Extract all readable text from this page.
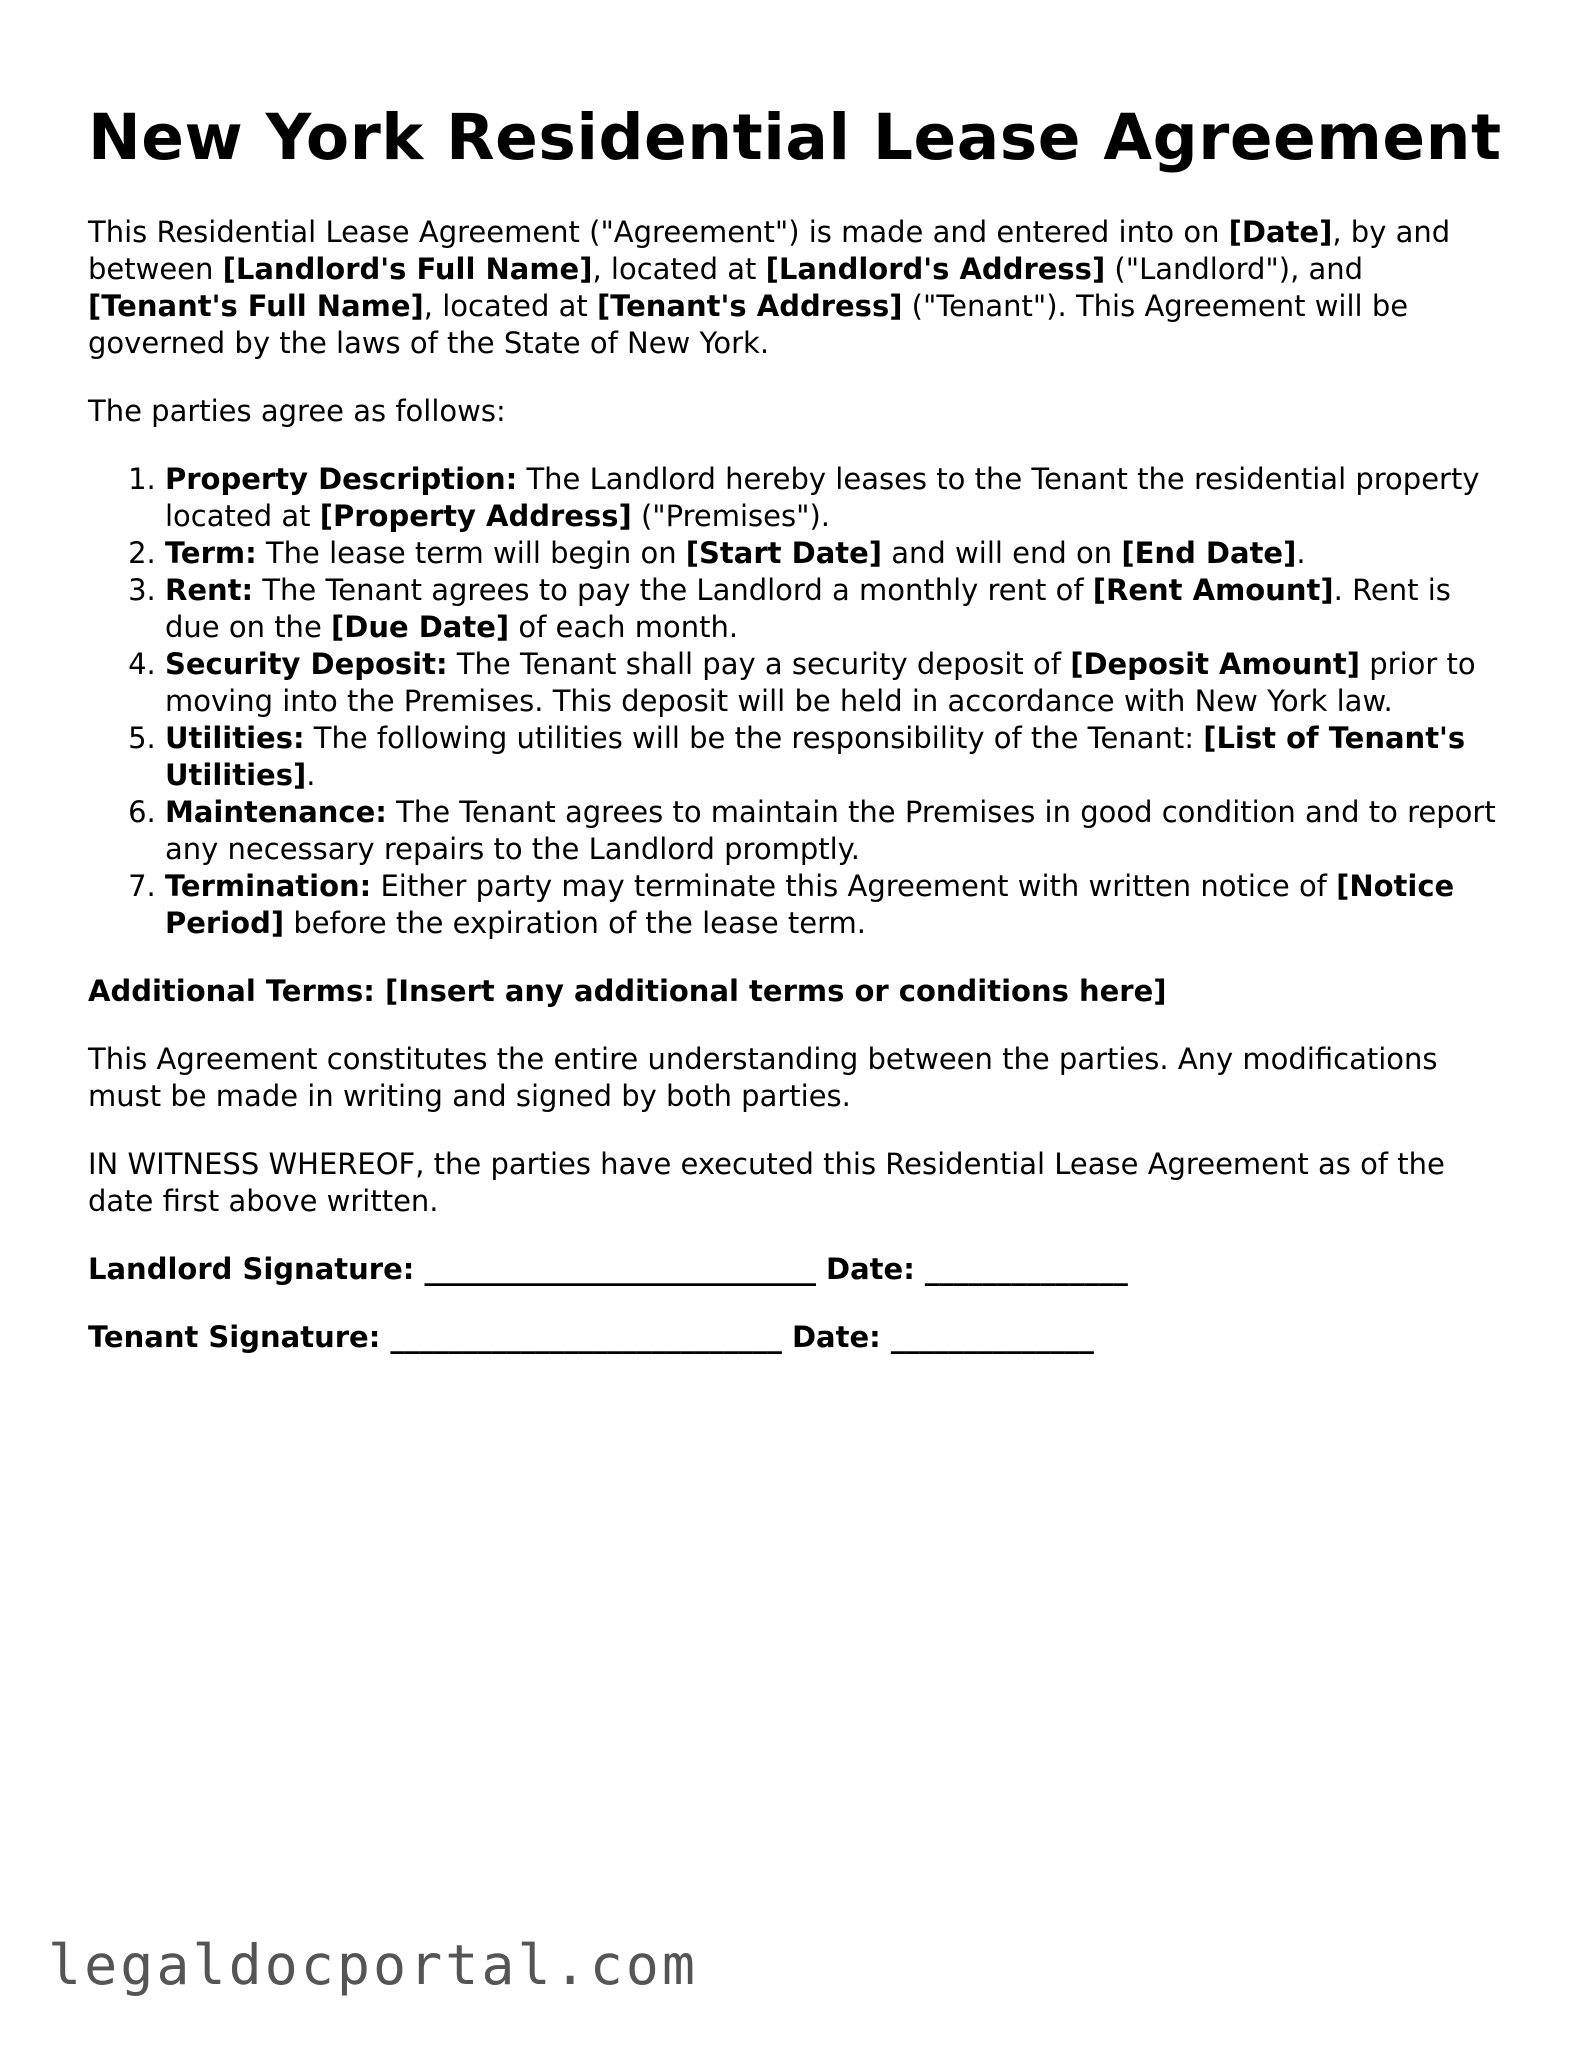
New York Residential Lease Agreement

This Residential Lease Agreement ("Agreement") is made and entered into on [Date], by and between [Landlord's Full Name], located at [Landlord's Address] ("Landlord"), and [Tenant's Full Name], located at [Tenant's Address] ("Tenant"). This Agreement will be governed by the laws of the State of New York.

The parties agree as follows:

1. Property Description: The Landlord hereby leases to the Tenant the residential property located at [Property Address] ("Premises").
2. Term: The lease term will begin on [Start Date] and will end on [End Date].
3. Rent: The Tenant agrees to pay the Landlord a monthly rent of [Rent Amount]. Rent is due on the [Due Date] of each month.
4. Security Deposit: The Tenant shall pay a security deposit of [Deposit Amount] prior to moving into the Premises. This deposit will be held in accordance with New York law.
5. Utilities: The following utilities will be the responsibility of the Tenant: [List of Tenant's Utilities].
6. Maintenance: The Tenant agrees to maintain the Premises in good condition and to report any necessary repairs to the Landlord promptly.
7. Termination: Either party may terminate this Agreement with written notice of [Notice Period] before the expiration of the lease term.

Additional Terms: [Insert any additional terms or conditions here]

This Agreement constitutes the entire understanding between the parties. Any modifications must be made in writing and signed by both parties.

IN WITNESS WHEREOF, the parties have executed this Residential Lease Agreement as of the date first above written.

Landlord Signature: ___________________________ Date: ______________
Tenant Signature: ___________________________ Date: ______________
legaldocportal.com
